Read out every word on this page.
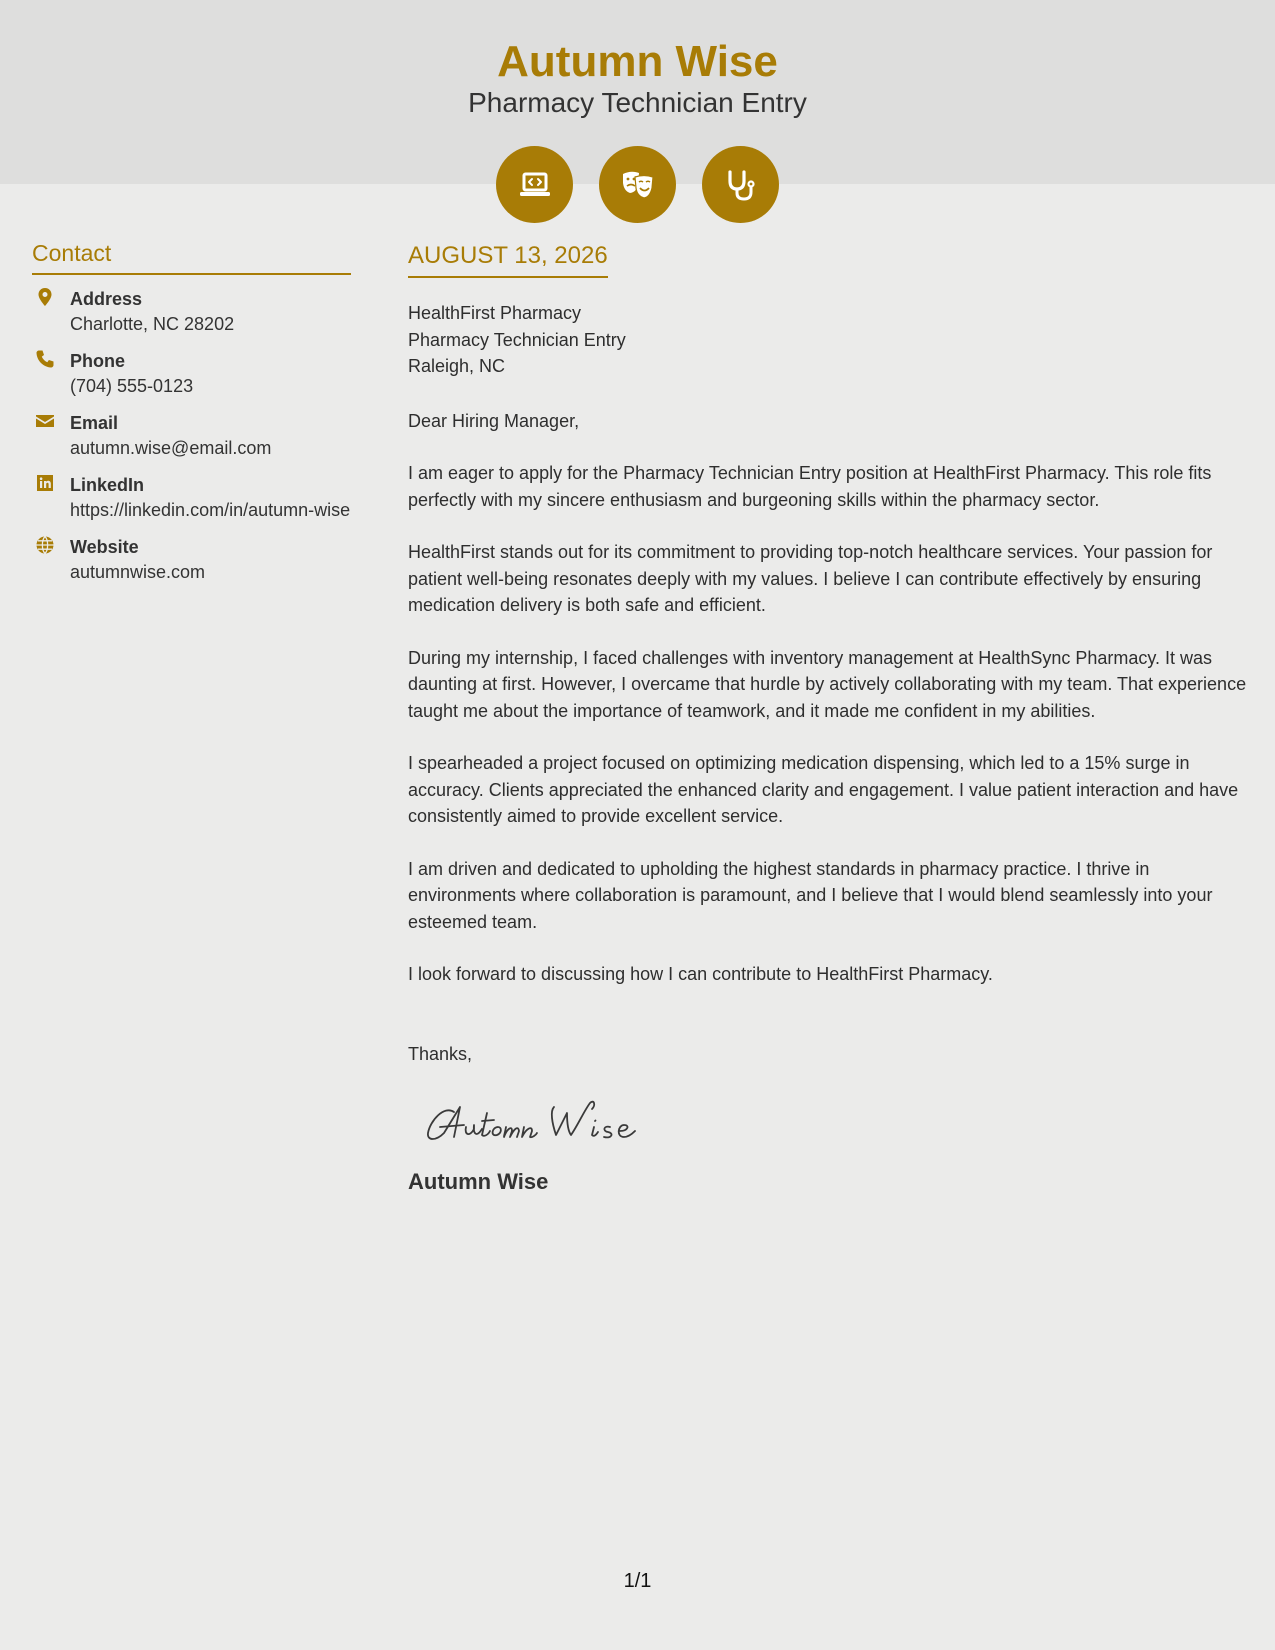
Autumn Wise
Pharmacy Technician Entry
Contact
Address
Charlotte, NC 28202
Phone
(704) 555-0123
Email
autumn.wise@email.com
LinkedIn
https://linkedin.com/in/autumn-wise
Website
autumnwise.com
AUGUST 13, 2026
HealthFirst Pharmacy
Pharmacy Technician Entry
Raleigh, NC
Dear Hiring Manager,
I am eager to apply for the Pharmacy Technician Entry position at HealthFirst Pharmacy. This role fits perfectly with my sincere enthusiasm and burgeoning skills within the pharmacy sector.
HealthFirst stands out for its commitment to providing top-notch healthcare services. Your passion for patient well-being resonates deeply with my values. I believe I can contribute effectively by ensuring medication delivery is both safe and efficient.
During my internship, I faced challenges with inventory management at HealthSync Pharmacy. It was daunting at first. However, I overcame that hurdle by actively collaborating with my team. That experience taught me about the importance of teamwork, and it made me confident in my abilities.
I spearheaded a project focused on optimizing medication dispensing, which led to a 15% surge in accuracy. Clients appreciated the enhanced clarity and engagement. I value patient interaction and have consistently aimed to provide excellent service.
I am driven and dedicated to upholding the highest standards in pharmacy practice. I thrive in environments where collaboration is paramount, and I believe that I would blend seamlessly into your esteemed team.
I look forward to discussing how I can contribute to HealthFirst Pharmacy.
Thanks,
Autumn Wise
1/1
